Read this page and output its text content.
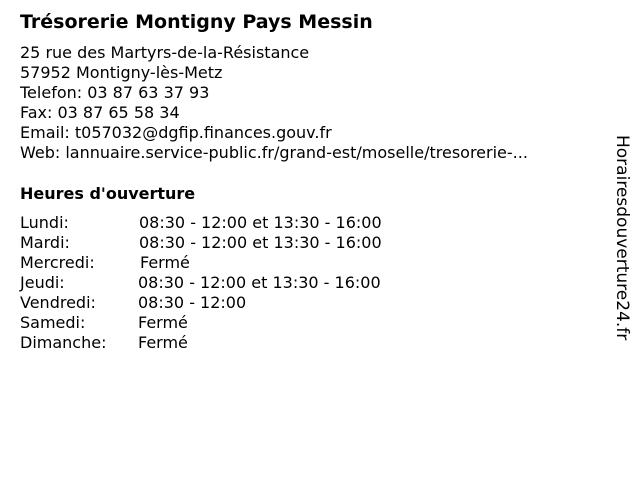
Trésorerie Montigny Pays Messin
25 rue des Martyrs-de-la-Résistance
57952 Montigny-lès-Metz
Telefon: 03 87 63 37 93
Fax: 03 87 65 58 34
Email: t057032@dgfip.finances.gouv.fr
Web: lannuaire.service-public.fr/grand-est/moselle/tresorerie-...
Heures d'ouverture
Lundi:	08:30 - 12:00 et 13:30 - 16:00
Mardi:	08:30 - 12:00 et 13:30 - 16:00
Mercredi:	Fermé
Jeudi:	08:30 - 12:00 et 13:30 - 16:00
Vendredi:	08:30 - 12:00
Samedi:	Fermé
Dimanche: Fermé
Horairesdouverture24.fr
